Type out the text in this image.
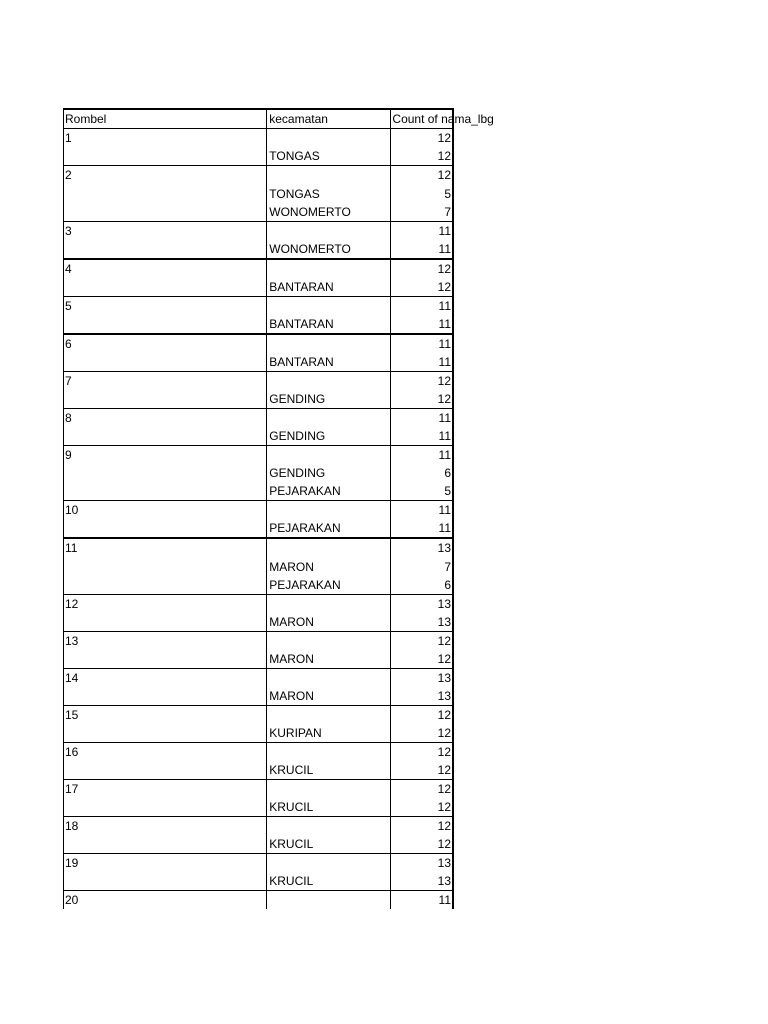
Rombel	kecamatan	Count of nama_lbg

1		12
	TONGAS	12
2		12
	TONGAS	5
	WONOMERTO	7
3		11
	WONOMERTO	11
4		12
	BANTARAN	12
5		11
	BANTARAN	11
6		11
	BANTARAN	11
7		12
	GENDING	12
8		11
	GENDING	11
9		11
	GENDING	6
	PEJARAKAN	5
10		11
	PEJARAKAN	11
11		13
	MARON	7
	PEJARAKAN	6
12		13
	MARON	13
13		12
	MARON	12
14		13
	MARON	13
15		12
	KURIPAN	12
16		12
	KRUCIL	12
17		12
	KRUCIL	12
18		12
	KRUCIL	12
19		13
	KRUCIL	13
20		11
